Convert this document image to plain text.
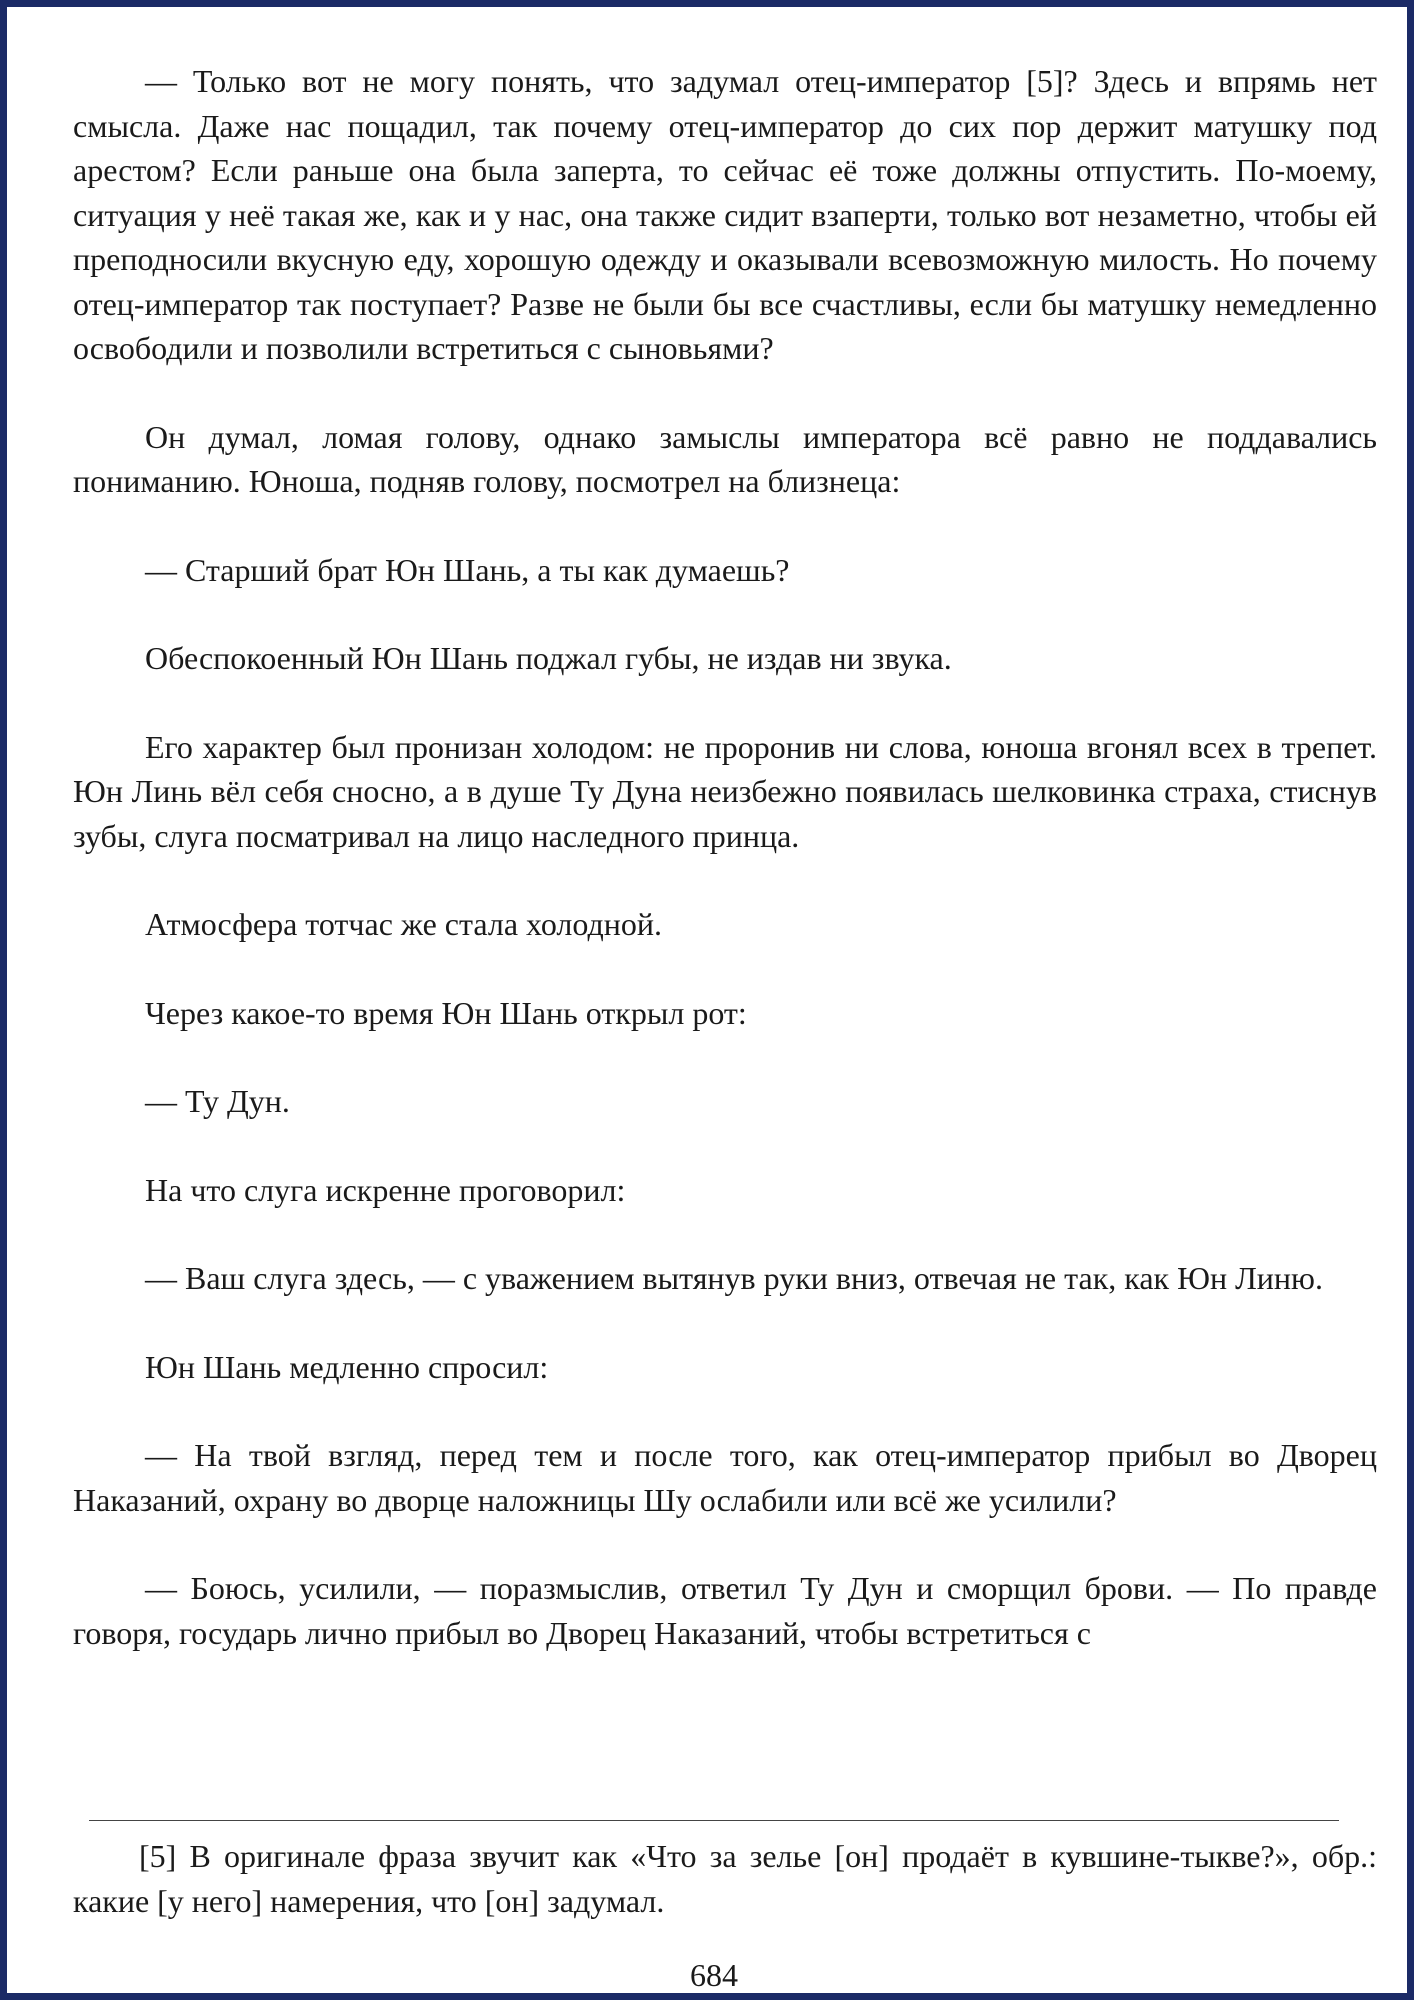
— Только вот не могу понять, что задумал отец-император [5]? Здесь и впрямь нет смысла. Даже нас пощадил, так почему отец-император до сих пор держит матушку под арестом? Если раньше она была заперта, то сейчас её тоже должны отпустить. По-моему, ситуация у неё такая же, как и у нас, она также сидит взаперти, только вот незаметно, чтобы ей преподносили вкусную еду, хорошую одежду и оказывали всевозможную милость. Но почему отец-император так поступает? Разве не были бы все счастливы, если бы матушку немедленно освободили и позволили встретиться с сыновьями?

Он думал, ломая голову, однако замыслы императора всё равно не поддавались пониманию. Юноша, подняв голову, посмотрел на близнеца:

— Старший брат Юн Шань, а ты как думаешь?

Обеспокоенный Юн Шань поджал губы, не издав ни звука.

Его характер был пронизан холодом: не проронив ни слова, юноша вгонял всех в трепет. Юн Линь вёл себя сносно, а в душе Ту Дуна неизбежно появилась шелковинка страха, стиснув зубы, слуга посматривал на лицо наследного принца.

Атмосфера тотчас же стала холодной.

Через какое-то время Юн Шань открыл рот:

— Ту Дун.

На что слуга искренне проговорил:

— Ваш слуга здесь, — с уважением вытянув руки вниз, отвечая не так, как Юн Линю.

Юн Шань медленно спросил:

— На твой взгляд, перед тем и после того, как отец-император прибыл во Дворец Наказаний, охрану во дворце наложницы Шу ослабили или всё же усилили?

— Боюсь, усилили, — поразмыслив, ответил Ту Дун и сморщил брови. — По правде говоря, государь лично прибыл во Дворец Наказаний, чтобы встретиться с

[5] В оригинале фраза звучит как «Что за зелье [он] продаёт в кувшине-тыкве?», обр.: какие [у него] намерения, что [он] задумал.

684
